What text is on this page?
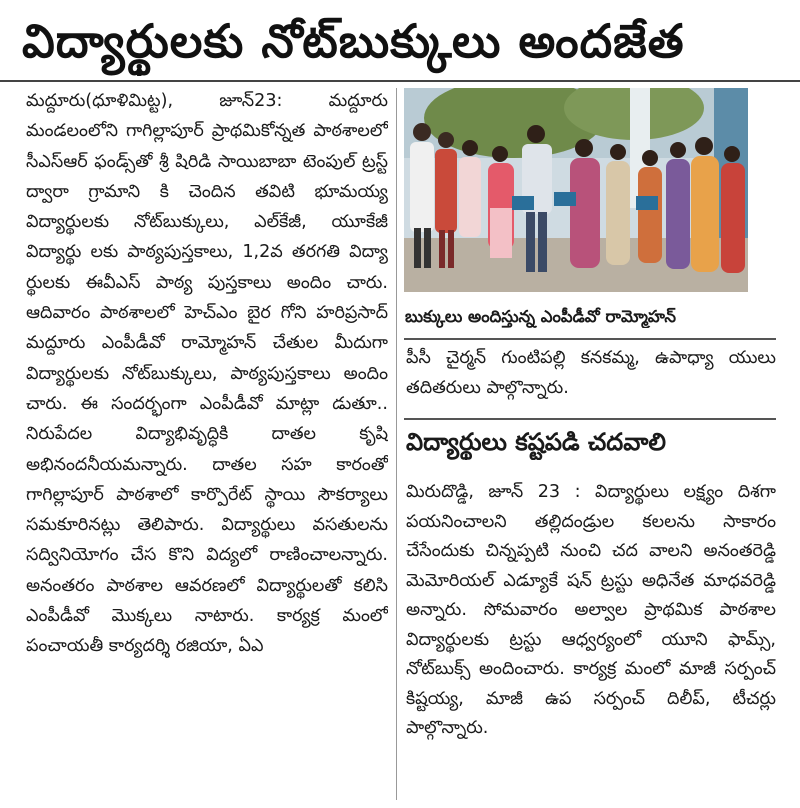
విద్యార్థులకు నోట్‌బుక్కులు అందజేత

మద్దూరు(ధూళిమిట్ట), జూన్23: మద్దూరు మండలంలోని గాగిల్లాపూర్ ప్రాథమికోన్నత పాఠశాలలో సీఎస్ఆర్ ఫండ్స్‌తో శ్రీ షిరిడి సాయిబాబా టెంపుల్ ట్రస్ట్ ద్వారా గ్రామాని కి చెందిన తవిటి భూమయ్య విద్యార్థులకు నోట్‌బుక్కులు, ఎల్‌కేజీ, యూకేజీ విద్యార్థు లకు పాఠ్యపుస్తకాలు, 1,2వ తరగతి విద్యా ర్థులకు ఈవీఎస్ పాఠ్య పుస్తకాలు అందిం చారు. ఆదివారం పాఠశాలలో హెచ్ఎం బైర గోని హరిప్రసాద్ మద్దూరు ఎంపీడీవో రామ్మోహన్ చేతుల మీదుగా విద్యార్థులకు నోట్‌బుక్కులు, పాఠ్యపుస్తకాలు అందిం చారు. ఈ సందర్భంగా ఎంపీడీవో మాట్లా డుతూ.. నిరుపేదల విద్యాభివృద్ధికి దాతల కృషి అభినందనీయమన్నారు. దాతల సహ కారంతో గాగిల్లాపూర్ పాఠశాలో కార్పొరేట్ స్థాయి సౌకర్యాలు సమకూరినట్లు తెలిపారు. విద్యార్థులు వసతులను సద్వినియోగం చేస కొని విద్యలో రాణించాలన్నారు. అనంతరం పాఠశాల ఆవరణలో విద్యార్థులతో కలిసి ఎంపీడీవో మొక్కలు నాటారు. కార్యక్ర మంలో పంచాయతీ కార్యదర్శి రజియా, ఏఎ

బుక్కులు అందిస్తున్న ఎంపీడీవో రామ్మోహన్

పీసీ చైర్మన్ గుంటిపల్లి కనకమ్మ, ఉపాధ్యా యులు తదితరులు పాల్గొన్నారు.

విద్యార్థులు కష్టపడి చదవాలి

మిరుదొడ్డి, జూన్ 23 : విద్యార్థులు లక్ష్యం దిశగా పయనించాలని తల్లిదండ్రుల కలలను సాకారం చేసేందుకు చిన్నప్పటి నుంచి చద వాలని అనంతరెడ్డి మెమోరియల్ ఎడ్యూకే షన్ ట్రస్టు అధినేత మాధవరెడ్డి అన్నారు. సోమవారం అల్వాల ప్రాథమిక పాఠశాల విద్యార్థులకు ట్రస్టు ఆధ్వర్యంలో యూని ఫామ్స్, నోట్‌బుక్స్ అందించారు. కార్యక్ర మంలో మాజీ సర్పంచ్ కిష్టయ్య, మాజీ ఉప సర్పంచ్ దిలీప్, టీచర్లు పాల్గొన్నారు.
